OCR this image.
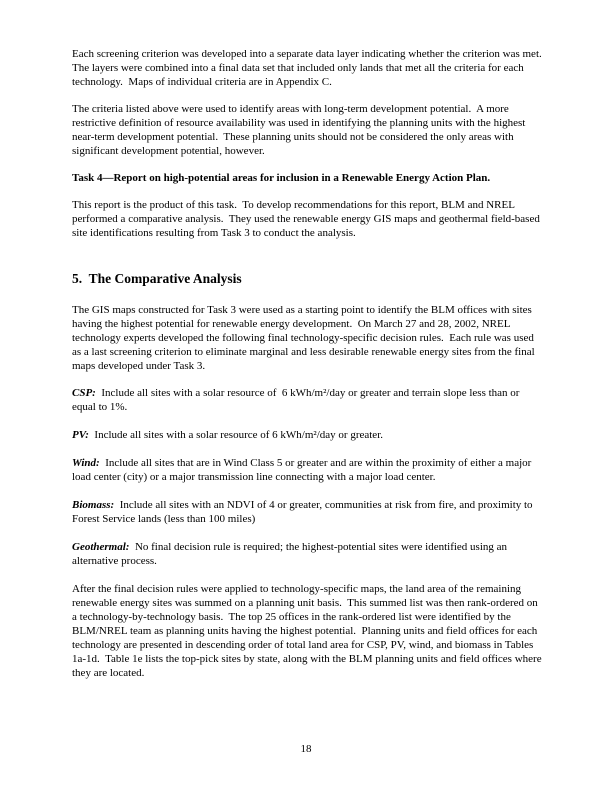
Each screening criterion was developed into a separate data layer indicating whether the criterion was met.  The layers were combined into a final data set that included only lands that met all the criteria for each technology.  Maps of individual criteria are in Appendix C.

The criteria listed above were used to identify areas with long-term development potential.  A more restrictive definition of resource availability was used in identifying the planning units with the highest near-term development potential.  These planning units should not be considered the only areas with significant development potential, however.

Task 4—Report on high-potential areas for inclusion in a Renewable Energy Action Plan.

This report is the product of this task.  To develop recommendations for this report, BLM and NREL performed a comparative analysis.  They used the renewable energy GIS maps and geothermal field-based site identifications resulting from Task 3 to conduct the analysis.

5.  The Comparative Analysis

The GIS maps constructed for Task 3 were used as a starting point to identify the BLM offices with sites having the highest potential for renewable energy development.  On March 27 and 28, 2002, NREL technology experts developed the following final technology-specific decision rules.  Each rule was used as a last screening criterion to eliminate marginal and less desirable renewable energy sites from the final maps developed under Task 3.

CSP:  Include all sites with a solar resource of  6 kWh/m²/day or greater and terrain slope less than or equal to 1%.

PV:  Include all sites with a solar resource of 6 kWh/m²/day or greater.

Wind:  Include all sites that are in Wind Class 5 or greater and are within the proximity of either a major load center (city) or a major transmission line connecting with a major load center.

Biomass:  Include all sites with an NDVI of 4 or greater, communities at risk from fire, and proximity to Forest Service lands (less than 100 miles)

Geothermal:  No final decision rule is required; the highest-potential sites were identified using an alternative process.

After the final decision rules were applied to technology-specific maps, the land area of the remaining renewable energy sites was summed on a planning unit basis.  This summed list was then rank-ordered on a technology-by-technology basis.  The top 25 offices in the rank-ordered list were identified by the BLM/NREL team as planning units having the highest potential.  Planning units and field offices for each technology are presented in descending order of total land area for CSP, PV, wind, and biomass in Tables 1a-1d.  Table 1e lists the top-pick sites by state, along with the BLM planning units and field offices where they are located.

18
